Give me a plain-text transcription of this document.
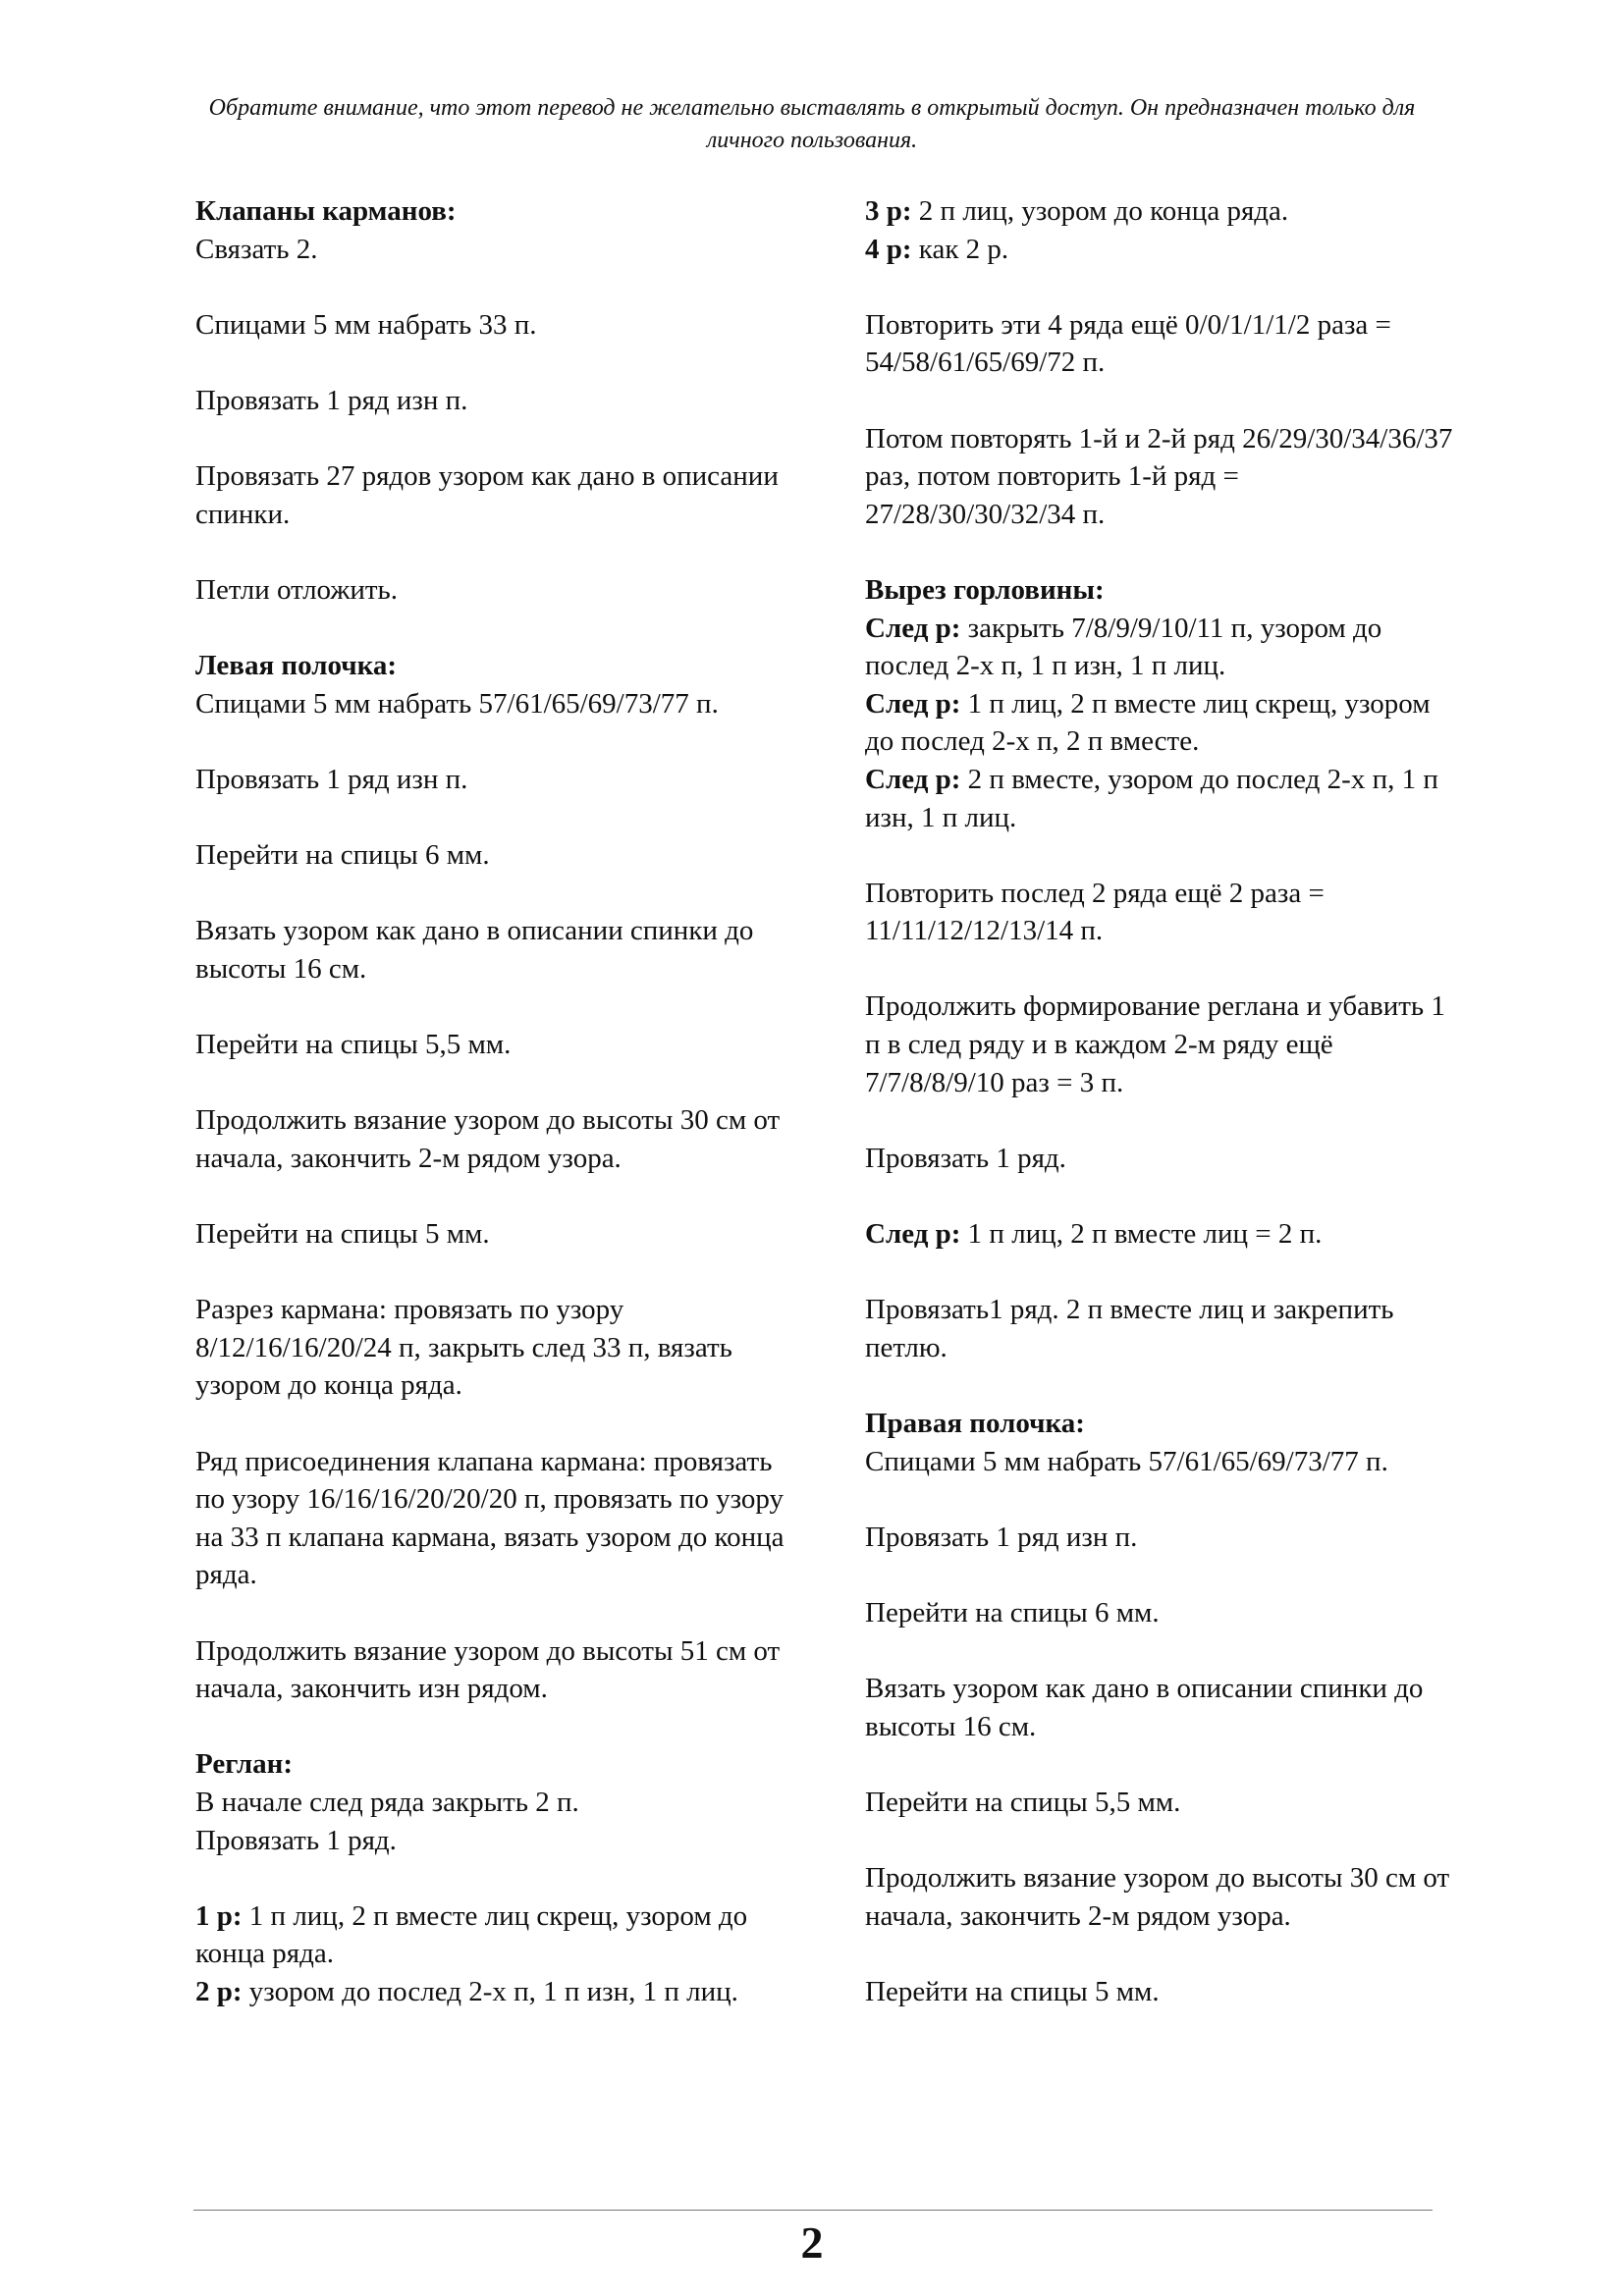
Обратите внимание, что этот перевод не желательно выставлять в открытый доступ. Он предназначен только для личного пользования.

Клапаны карманов:

Связать 2.

Спицами 5 мм набрать 33 п.

Провязать 1 ряд изн п.

Провязать 27 рядов узором как дано в описании спинки.

Петли отложить.

Левая полочка:

Спицами 5 мм набрать 57/61/65/69/73/77 п.

Провязать 1 ряд изн п.

Перейти на спицы 6 мм.

Вязать узором как дано в описании спинки до высоты 16 см.

Перейти на спицы 5,5 мм.

Продолжить вязание узором до высоты 30 см от начала, закончить 2-м рядом узора.

Перейти на спицы 5 мм.

Разрез кармана: провязать по узору 8/12/16/16/20/24 п, закрыть след 33 п, вязать узором до конца ряда.

Ряд присоединения клапана кармана: провязать по узору 16/16/16/20/20/20 п, провязать по узору на 33 п клапана кармана, вязать узором до конца ряда.

Продолжить вязание узором до высоты 51 см от начала, закончить изн рядом.

Реглан:

В начале след ряда закрыть 2 п.

Провязать 1 ряд.

1 р: 1 п лиц, 2 п вместе лиц скрещ, узором до конца ряда.

2 р: узором до послед 2-х п, 1 п изн, 1 п лиц.

3 р: 2 п лиц, узором до конца ряда.

4 р: как 2 р.

Повторить эти 4 ряда ещё 0/0/1/1/1/2 раза = 54/58/61/65/69/72 п.

Потом повторять 1-й и 2-й ряд 26/29/30/34/36/37 раз, потом повторить 1-й ряд = 27/28/30/30/32/34 п.

Вырез горловины:

След р: закрыть 7/8/9/9/10/11 п, узором до послед 2-х п, 1 п изн, 1 п лиц.

След р: 1 п лиц, 2 п вместе лиц скрещ, узором до послед 2-х п, 2 п вместе.

След р: 2 п вместе, узором до послед 2-х п, 1 п изн, 1 п лиц.

Повторить послед 2 ряда ещё 2 раза = 11/11/12/12/13/14 п.

Продолжить формирование реглана и убавить 1 п в след ряду и в каждом 2-м ряду ещё 7/7/8/8/9/10 раз = 3 п.

Провязать 1 ряд.

След р: 1 п лиц, 2 п вместе лиц = 2 п.

Провязать1 ряд. 2 п вместе лиц и закрепить петлю.

Правая полочка:

Спицами 5 мм набрать 57/61/65/69/73/77 п.

Провязать 1 ряд изн п.

Перейти на спицы 6 мм.

Вязать узором как дано в описании спинки до высоты 16 см.

Перейти на спицы 5,5 мм.

Продолжить вязание узором до высоты 30 см от начала, закончить 2-м рядом узора.

Перейти на спицы 5 мм.

2
